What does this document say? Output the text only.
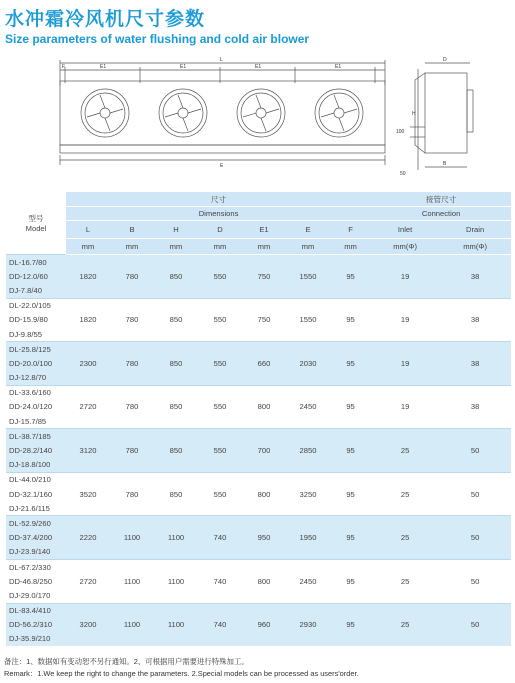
水冲霜冷风机尺寸参数
Size parameters of water flushing and cold air blower
L
E1	E1	E1	E1
F
E
D
H
B
100
50
型号
Model	尺寸							接管尺寸	
	Dimensions							Connection	
	L	B	H	D	E1	E	F	Inlet	Drain
	mm	mm	mm	mm	mm	mm	mm	mm(Φ)	mm(Φ)
DL-16.7/80	1820	780	850	550	750	1550	95	19	38
DD-12.0/60									
DJ-7.8/40									
DL-22.0/105	1820	780	850	550	750	1550	95	19	38
DD-15.9/80									
DJ-9.8/55									
DL-25.8/125	2300	780	850	550	660	2030	95	19	38
DD-20.0/100									
DJ-12.8/70									
DL-33.6/160	2720	780	850	550	800	2450	95	19	38
DD-24.0/120									
DJ-15.7/85									
DL-38.7/185	3120	780	850	550	700	2850	95	25	50
DD-28.2/140									
DJ-18.8/100									
DL-44.0/210	3520	780	850	550	800	3250	95	25	50
DD-32.1/160									
DJ-21.6/115									
DL-52.9/260	2220	1100	1100	740	950	1950	95	25	50
DD-37.4/200									
DJ-23.9/140									
DL-67.2/330	2720	1100	1100	740	800	2450	95	25	50
DD-46.8/250									
DJ-29.0/170									
DL-83.4/410	3200	1100	1100	740	960	2930	95	25	50
DD-56.2/310									
DJ-35.9/210									
备注：1、数据如有变动恕不另行通知。2、可根据用户需要进行特殊加工。
Remark：1.We keep the right to change the parameters. 2.Special models can be processed as users'order.
